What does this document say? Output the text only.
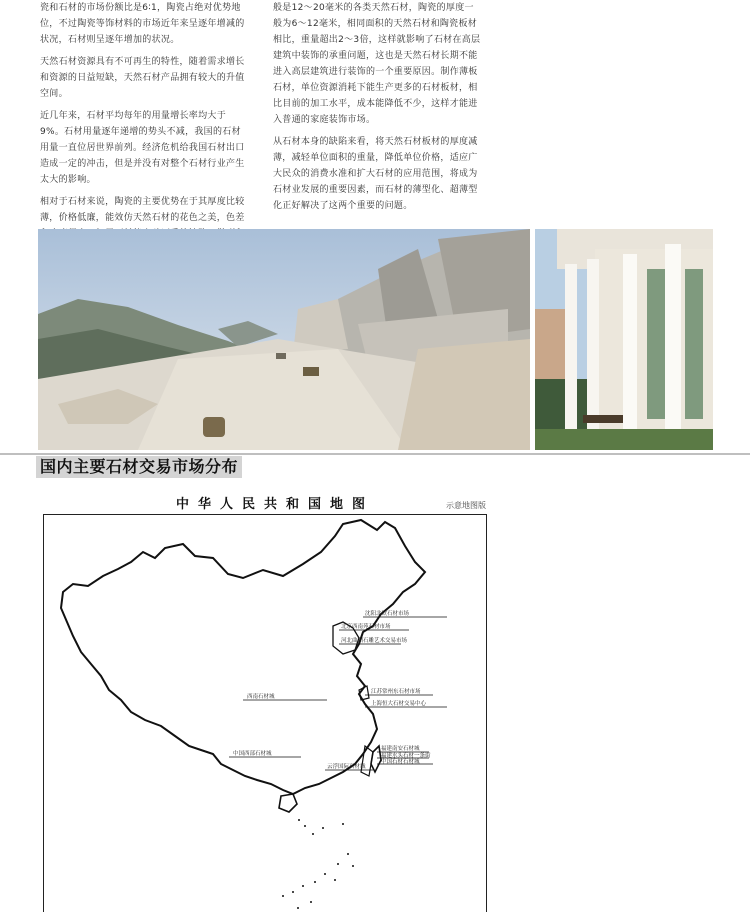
瓷和石材的市场份额比是6∶1，陶瓷占绝对优势地位，不过陶瓷等饰材料的市场近年来呈逐年增减的状况，石材则呈逐年增加的状况。

天然石材资源具有不可再生的特性，随着需求增长和资源的日益短缺，天然石材产品拥有较大的升值空间。

近几年来，石材平均每年的用量增长率均大于9%。石材用量逐年递增的势头不减，我国的石材用量一直位居世界前列。经济危机给我国石材出口造成一定的冲击，但是并没有对整个石材行业产生太大的影响。

相对于石材来说，陶瓷的主要优势在于其厚度比较薄，价格低廉，能效仿天然石材的花色之美，色差

般是12～20毫米的各类天然石材，陶瓷的厚度一般为6～12毫米，相同面积的天然石材和陶瓷板材相比，重量超出2～3倍，这样就影响了石材在高层建筑中装饰的承重问题，这也是天然石材长期不能进入高层建筑进行装饰的一个重要原因。制作薄板石材，单位资源消耗下能生产更多的石材板材，相比目前的加工水平，成本能降低不少，这样才能进入普通的家庭装饰市场。

从石材本身的缺陷来看，将天然石材板材的厚度减薄，减轻单位面积的重量，降低单位价格，适应广大民众的消费水准和扩大石材的应用范围，将成为石材业发展的重要因素，而石材的薄型化、超薄型化正好解决了这两个重要的问题。

国内主要石材交易市场分布
中华人民共和国地图	示意地图版
沈阳北欧石材市场
北京西南苑石材市场
河北曲阳石雕艺术交易市场
西南石材城
江苏常州东石材市场
上海恒大石材交易中心
福建南安石材城
福建水头石材一条街
中国西部石材城
云浮国际石材城
中国石材石材城
